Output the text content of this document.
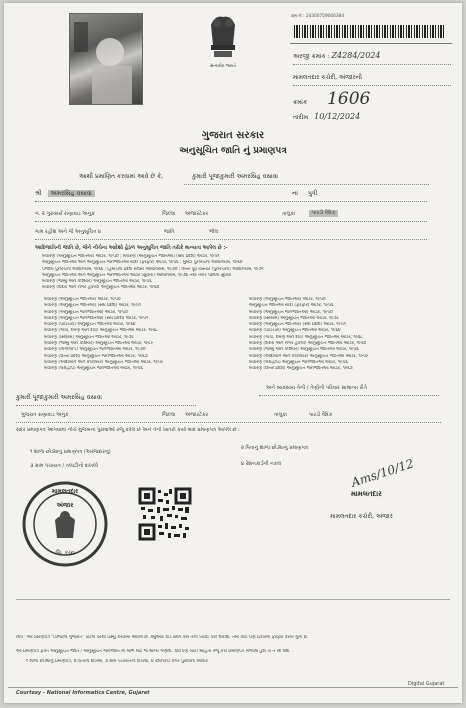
સત્યમેવ જયતે
ક્રમ નં : 24300759066384
અરજી ક્રમાંક : Z4284/2024
મામલતદાર કચેરી, અંજારની
ક્રમાંક 1606
તારીખ 10/12/2024
ગુજરાત સરકાર
અનુસૂચિત જાતિ નું પ્રમાણપત્ર
આથી પ્રમાણિત કરવામાં આવે છે કે,	કુમારી પૂજાકુમારી અમરસિંહ વસાવા
શ્રી અમરસિંહ વસાવા	ના પુત્રી
નં. ૨ ગુરુકાર્ય રાણાવાડ અનુક	જિલ્લા અંજારટેકર	તાલુકા	પારડી વૈદિક
ગામ રહીશ અને જે અનુસૂચિત ૪	જાતિ	ભીલ
આદિજાતિની જાતિ છે, જેને નીચેના આદેશો હેઠળ અનુસૂચિત જાતિ તરીકે માન્યતા આપેલ છે :-
બંધારણ (અનુસૂચિત જાતિઓ) ઓર્ડર, ૧૯૫૦ ; બંધારણ (અનુસૂચિત જાતિઓ) (સંઘ પ્રદેશ) ઓર્ડર, ૧૯૫૧
અનુસૂચિત જાતિઓ અને અનુસૂચિત જનજાતિઓ યાદી (ફેરફાર) ઓર્ડર, ૧૯૫૬ ; મુંબઈ પુનર્રચના અધિનિયમ, ૧૯૬૦
પંજાબ પુનર્રચના અધિનિયમ, ૧૯૬૬ ; હિમાચલ પ્રદેશ રાજ્ય અધિનિયમ, ૧૯૭૦ ; ઉત્તર પૂર્વ વિસ્તાર (પુનર્રચના) અધિનિયમ, ૧૯૭૧
અનુસૂચિત જાતિઓ અને અનુસૂચિત જનજાતિઓ ઓર્ડર (સુધારો) અધિનિયમ, ૧૯૭૬ તથા ત્યાર પછીના સુધારા
બંધારણ (જમ્મુ અને કાશ્મીર) અનુસૂચિત જાતિઓ ઓર્ડર, ૧૯૫૬
બંધારણ (દાદરા અને નગર હવેલી) અનુસૂચિત જાતિઓ ઓર્ડર, ૧૯૬૨
બંધારણ (અનુસૂચિત જાતિઓ) ઓર્ડર, ૧૯૫૦
બંધારણ (અનુસૂચિત જાતિઓ) (સંઘ પ્રદેશ) ઓર્ડર, ૧૯૫૧
બંધારણ (અનુસૂચિત જનજાતિઓ) ઓર્ડર, ૧૯૫૦
બંધારણ (અનુસૂચિત જનજાતિઓ) (સંઘ પ્રદેશ) ઓર્ડર, ૧૯૫૧
બંધારણ (પોંડિચેરી) અનુસૂચિત જાતિઓ ઓર્ડર, ૧૯૬૪
બંધારણ (ગોવા, દમણ અને દીવ) અનુસૂચિત જાતિઓ ઓર્ડર, ૧૯૬૮
બંધારણ (સિક્કિમ) અનુસૂચિત જાતિઓ ઓર્ડર, ૧૯૭૮
બંધારણ (જમ્મુ અને કાશ્મીર) અનુસૂચિત જાતિઓ ઓર્ડર, ૧૯૮૯
બંધારણ (નાગાલેન્ડ) અનુસૂચિત જનજાતિઓ ઓર્ડર, ૧૯૭૦
બંધારણ (ઉત્તર પ્રદેશ) અનુસૂચિત જનજાતિઓ ઓર્ડર, ૧૯૬૭
બંધારણ (આંદામાન અને નિકોબાર) અનુસૂચિત જાતિઓ ઓર્ડર, ૧૯૫૯
બંધારણ (લક્ષદ્વીપ) અનુસૂચિત જનજાતિઓ ઓર્ડર, ૧૯૫૬
બંધારણ (અનુસૂચિત જાતિઓ) ઓર્ડર, ૧૯૫૦
અનુસૂચિત જાતિઓ યાદી (ફેરફાર) ઓર્ડર, ૧૯૫૬
બંધારણ (અનુસૂચિત જનજાતિઓ) ઓર્ડર, ૧૯૫૦
બંધારણ (સિક્કિમ) અનુસૂચિત જાતિઓ ઓર્ડર, ૧૯૭૮
બંધારણ (અનુસૂચિત જાતિઓ) (સંઘ પ્રદેશ) ઓર્ડર, ૧૯૫૧
બંધારણ (પોંડિચેરી) અનુસૂચિત જાતિઓ ઓર્ડર, ૧૯૬૪
બંધારણ (ગોવા, દમણ અને દીવ) અનુસૂચિત જાતિઓ ઓર્ડર, ૧૯૬૮
બંધારણ (દાદરા અને નગર હવેલી) અનુસૂચિત જાતિઓ ઓર્ડર, ૧૯૬૨
બંધારણ (જમ્મુ અને કાશ્મીર) અનુસૂચિત જાતિઓ ઓર્ડર, ૧૯૫૬
બંધારણ (આંદામાન અને નિકોબાર) અનુસૂચિત જાતિઓ ઓર્ડર, ૧૯૫૯
બંધારણ (લક્ષદ્વીપ) અનુસૂચિત જનજાતિઓ ઓર્ડર, ૧૯૫૬
બંધારણ (ઉત્તર પ્રદેશ) અનુસૂચિત જનજાતિઓ ઓર્ડર, ૧૯૬૭
અને વ્યવસાય તેની / તેણીની પરિવાર સામાન્ય રીતે
કુમારી પૂજાકુમારી અમરસિંહ વસાવા
ગુજરાત રાણાવાડ અનુક	જિલ્લા અંજારટેકર	તાલુકા	પારડી વૈદિક
સદર પ્રમાણપત્ર આપવામાં નીચે મુજબના પુરાવાઓ રજૂ કરેલ છે અને તેની ખાતરી કર્યા બાદ પ્રમાણપત્ર આપેલ છે :
૧ શાળા છોડ્યાનું પ્રમાણપત્ર (અરજદારનું)
૨ પિતાનું શાળા છોડ્યાનું પ્રમાણપત્ર
૩ ગ્રામ પંચાયત / તલાટીનો દાખલો	૪ રેશનકાર્ડની નકલ
મામલતદાર
અંજાર
જિ. કચ્છ
Ams/10/12
મામલતદાર
મામલતદાર કચેરી, અંજાર
નોંધ : આ પ્રમાણપત્ર "ડિજિટલ ગુજરાત" પોર્ટલ પરથી ઇસ્યુ કરવામાં આવેલ છે. ક્યુઆર કોડ સ્કેન કરી તેની ખરાઈ કરી શકાશે. તેમાં કોઈ પણ પ્રકારનો ફેરફાર કરવો ગુનો છે.
આ પ્રમાણપત્ર ફક્ત અનુસૂચિત જાતિ / અનુસૂચિત જનજાતિ ના લાભ માટે જ માન્ય ગણાશે. કોઈપણ ખોટી માહિતી રજૂ કરી પ્રમાણપત્ર મેળવેલ હશે તો તે રદ થશે.
૧ શાળા છોડ્યાનું પ્રમાણપત્ર, ૨ પિતાનો દાખલો, ૩ ગ્રામ પંચાયતનો દાખલો, ૪ રેશનકાર્ડ વગેરે પુરાવાના આધારે
Courtesy - National Informatics Centre, Gujarat
Digital Gujarat
